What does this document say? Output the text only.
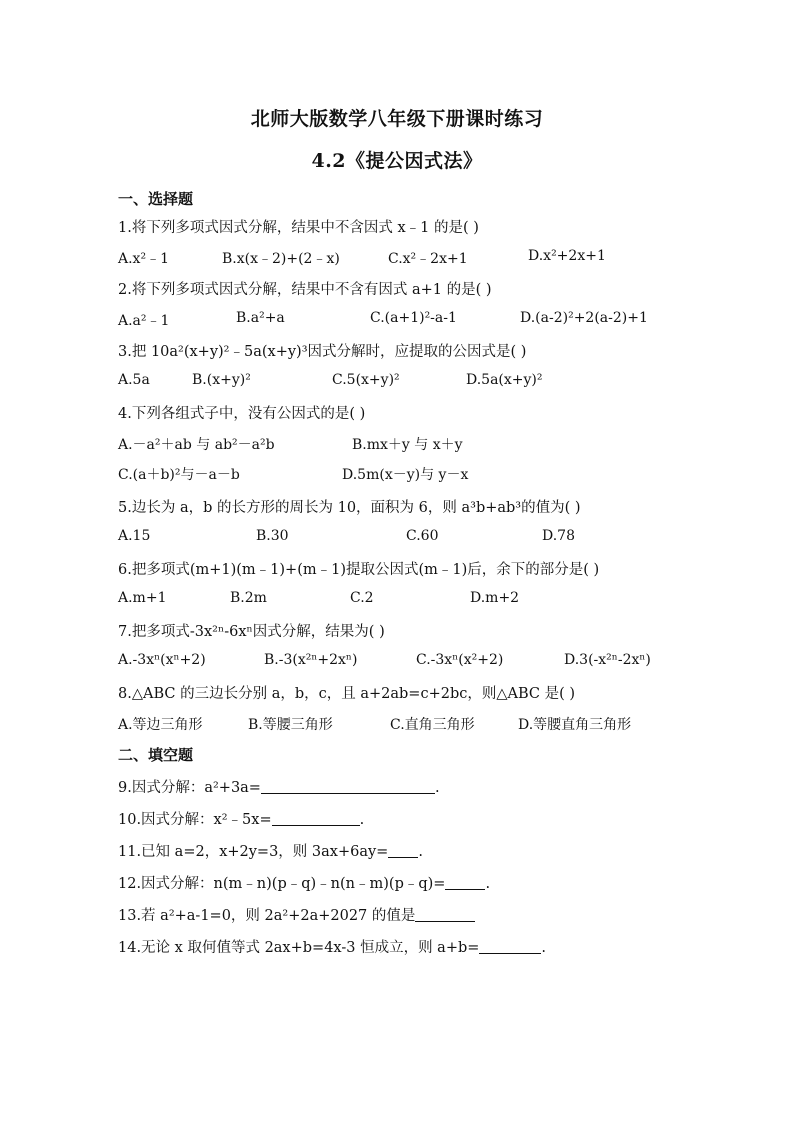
北师大版数学八年级下册课时练习
4.2《提公因式法》
一、选择题
1.将下列多项式因式分解，结果中不含因式 x﹣1 的是( )
A.x²﹣1	B.x(x﹣2)+(2﹣x)	C.x²﹣2x+1	D.x²+2x+1
2.将下列多项式因式分解，结果中不含有因式 a+1 的是( )
A.a²﹣1	B.a²+a	C.(a+1)²-a-1	D.(a-2)²+2(a-2)+1
3.把 10a²(x+y)²﹣5a(x+y)³因式分解时，应提取的公因式是( )
A.5a	B.(x+y)²	C.5(x+y)²	D.5a(x+y)²
4.下列各组式子中，没有公因式的是( )
A.－a²＋ab 与 ab²－a²b	B.mx＋y 与 x＋y
C.(a＋b)²与－a－b	D.5m(x－y)与 y－x
5.边长为 a，b 的长方形的周长为 10，面积为 6，则 a³b+ab³的值为( )
A.15	B.30	C.60	D.78
6.把多项式(m+1)(m﹣1)+(m﹣1)提取公因式(m﹣1)后，余下的部分是( )
A.m+1	B.2m	C.2	D.m+2
7.把多项式-3x²ⁿ-6xⁿ因式分解，结果为( )
A.-3xⁿ(xⁿ+2)	B.-3(x²ⁿ+2xⁿ)	C.-3xⁿ(x²+2)	D.3(-x²ⁿ-2xⁿ)
8.△ABC 的三边长分别 a，b，c，且 a+2ab=c+2bc，则△ABC 是( )
A.等边三角形	B.等腰三角形	C.直角三角形	D.等腰直角三角形
二、填空题
9.因式分解：a²+3a=	.
10.因式分解：x²﹣5x=	.
11.已知 a=2，x+2y=3，则 3ax+6ay= .
12.因式分解：n(m﹣n)(p﹣q)﹣n(n﹣m)(p﹣q)=	.
13.若 a²+a-1=0，则 2a²+2a+2027 的值是
14.无论 x 取何值等式 2ax+b=4x-3 恒成立，则 a+b=	.
